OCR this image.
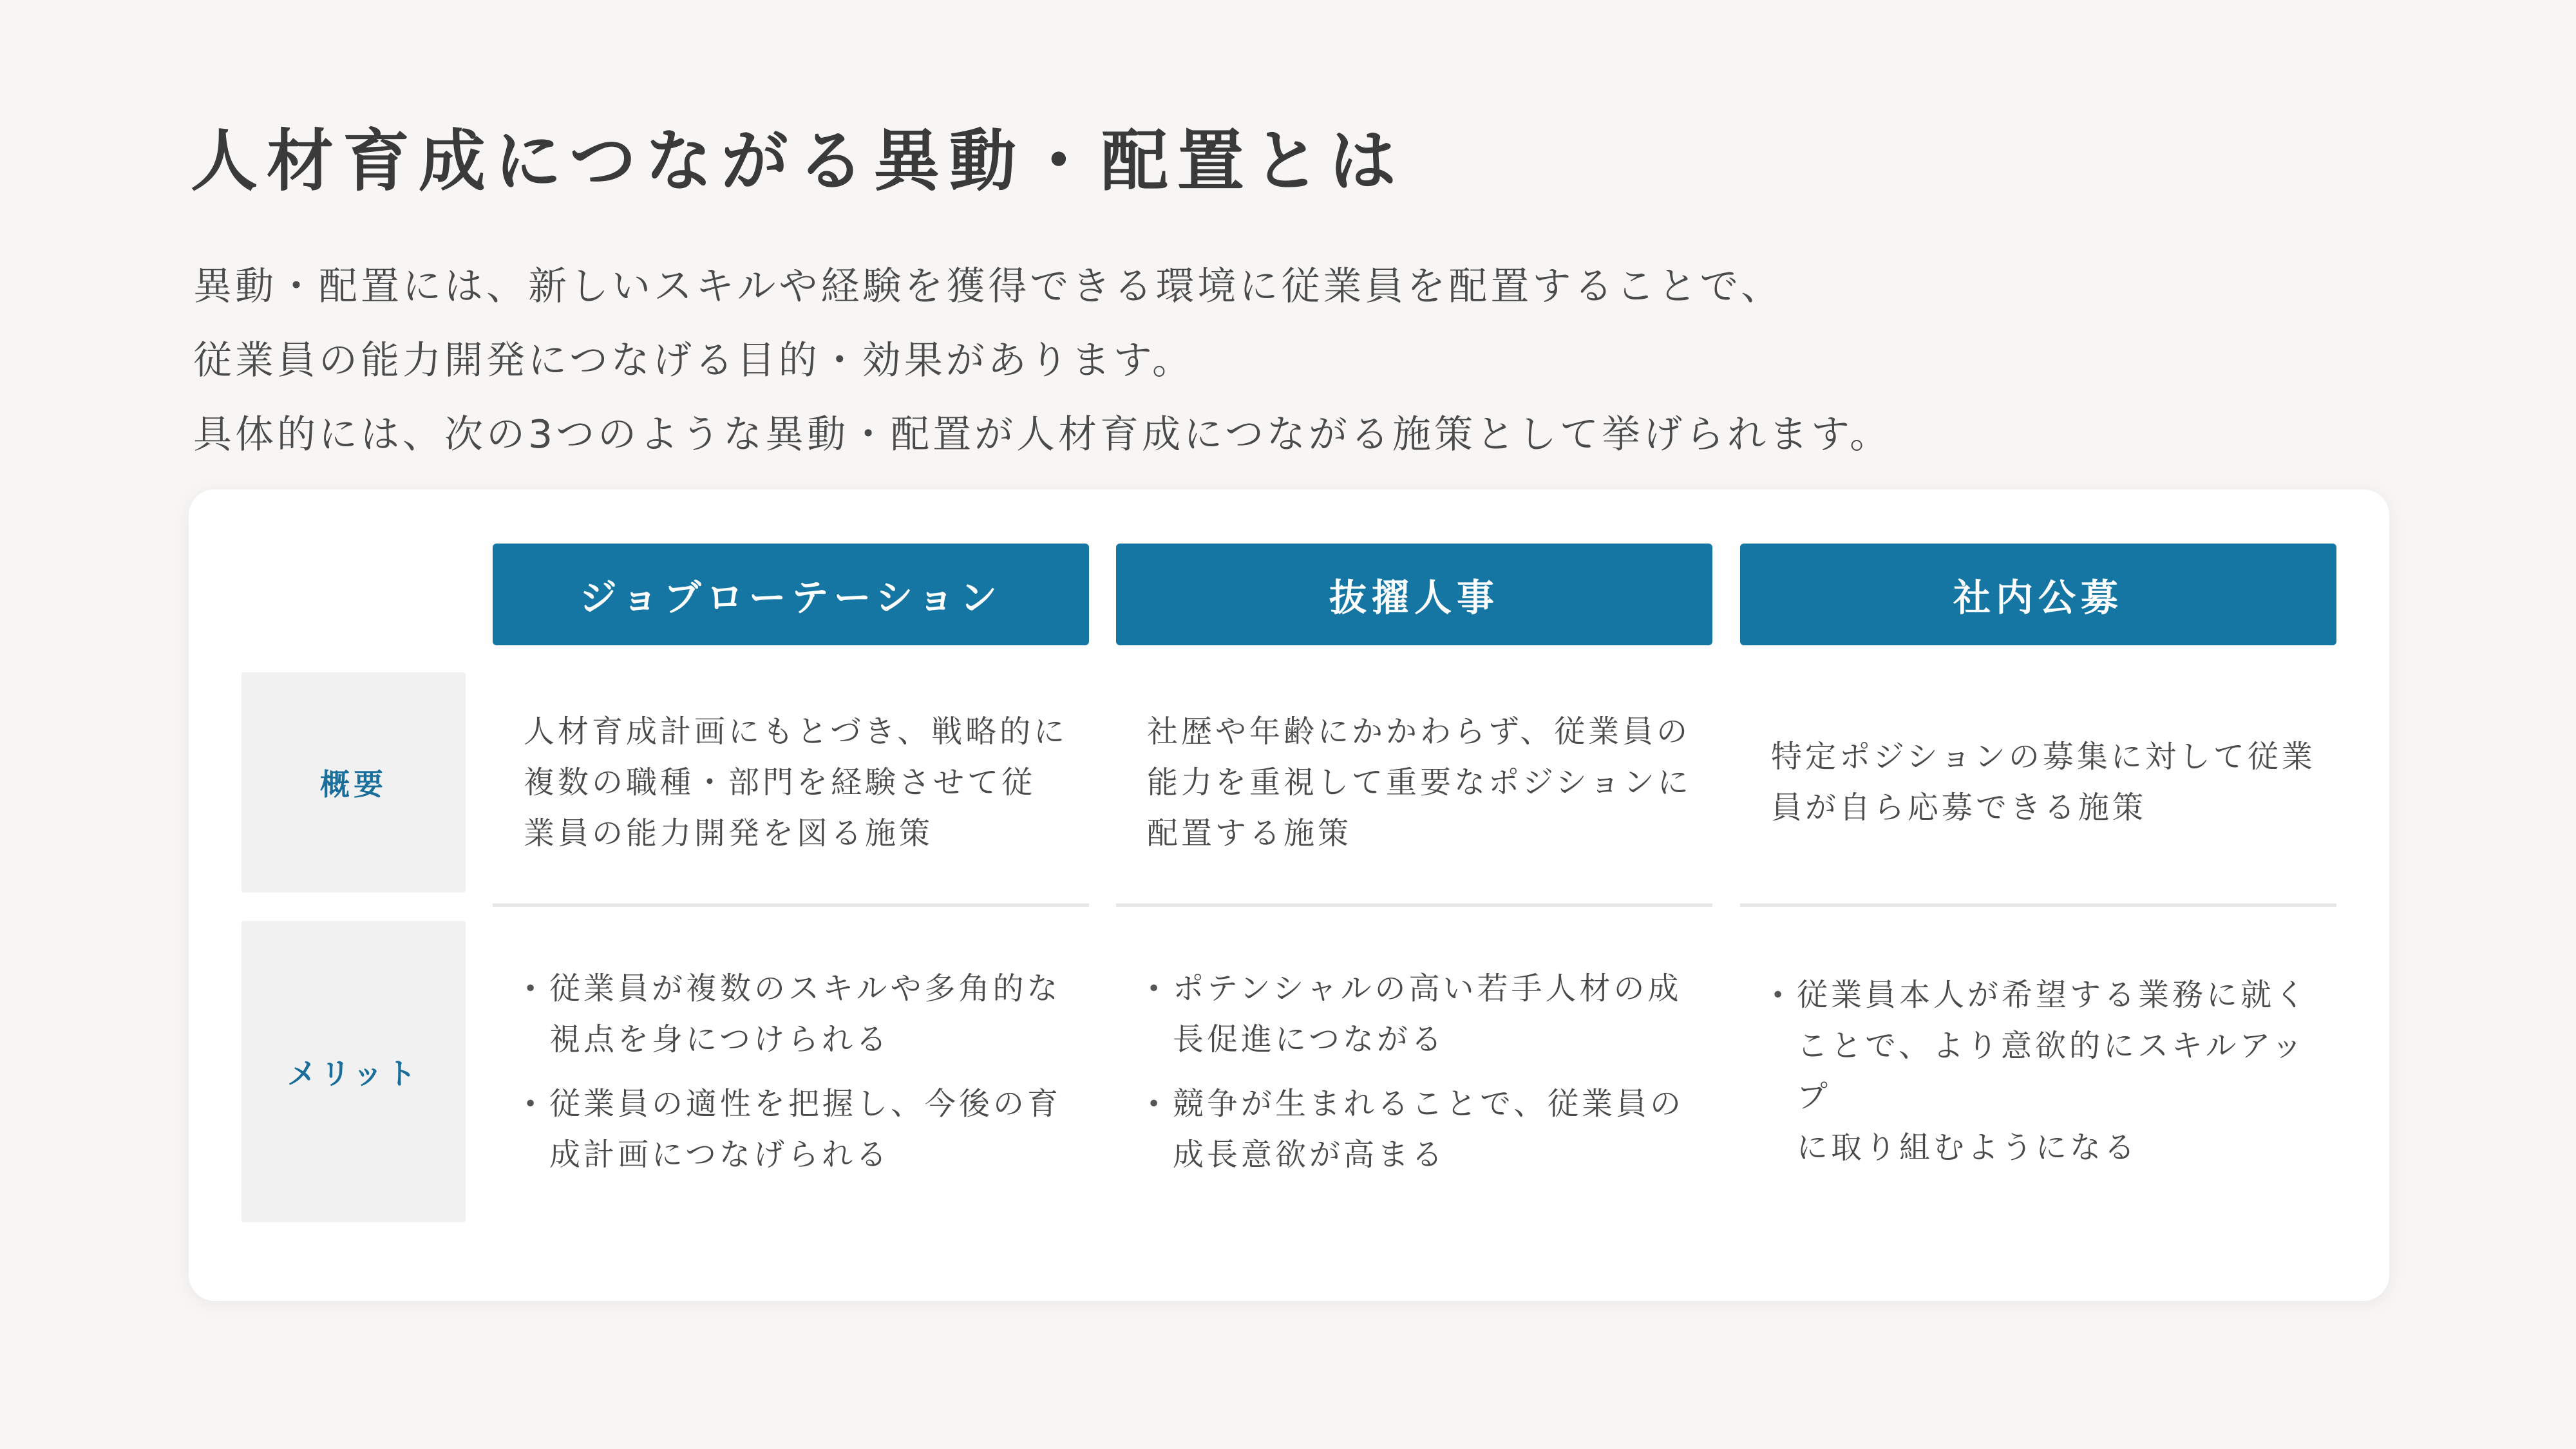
人材育成につながる異動・配置とは
異動・配置には、新しいスキルや経験を獲得できる環境に従業員を配置することで、
従業員の能力開発につなげる目的・効果があります。
具体的には、次の3つのような異動・配置が人材育成につながる施策として挙げられます。
ジョブローテーション	抜擢人事	社内公募
概要
メリット
人材育成計画にもとづき、戦略的に
複数の職種・部門を経験させて従
業員の能力開発を図る施策
社歴や年齢にかかわらず、従業員の
能力を重視して重要なポジションに
配置する施策
特定ポジションの募集に対して従業
員が自ら応募できる施策
• 従業員が複数のスキルや多角的な
視点を身につけられる
• 従業員の適性を把握し、今後の育
成計画につなげられる
• ポテンシャルの高い若手人材の成
長促進につながる
• 競争が生まれることで、従業員の
成長意欲が高まる
• 従業員本人が希望する業務に就く
ことで、より意欲的にスキルアップ
に取り組むようになる
